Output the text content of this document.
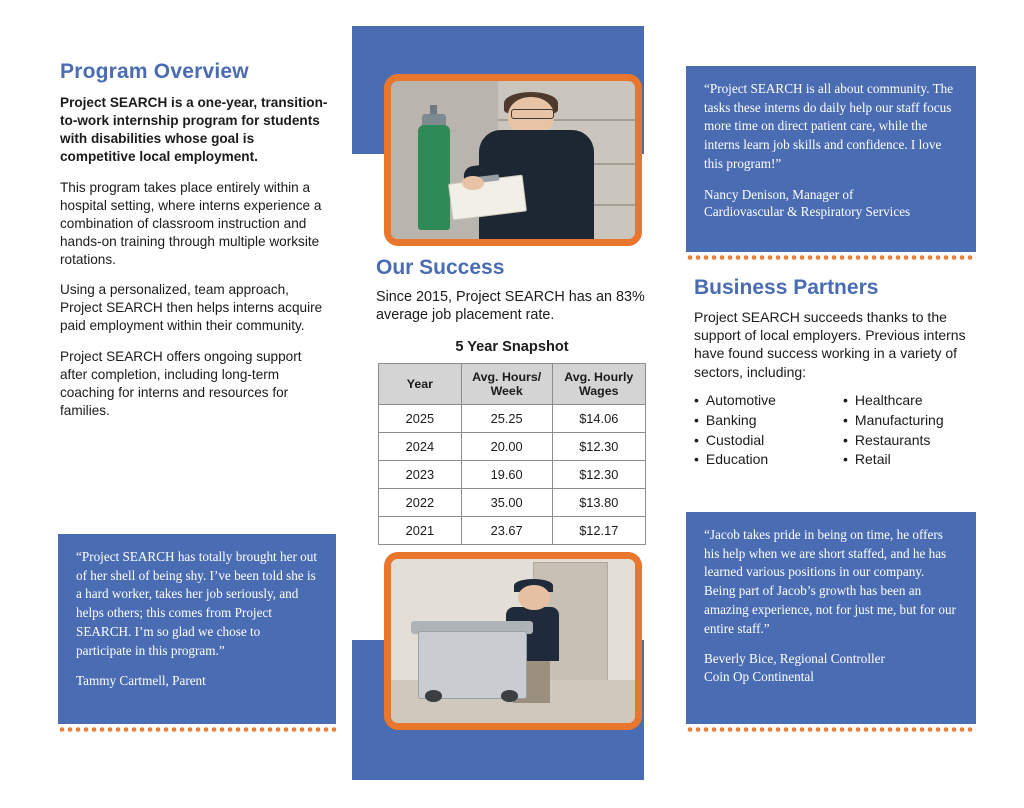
Program Overview

Project SEARCH is a one-year, transition-to-work internship program for students with disabilities whose goal is competitive local employment.

This program takes place entirely within a hospital setting, where interns experience a combination of classroom instruction and hands-on training through multiple worksite rotations.

Using a personalized, team approach, Project SEARCH then helps interns acquire paid employment within their community.

Project SEARCH offers ongoing support after completion, including long-term coaching for interns and resources for families.

“Project SEARCH has totally brought her out of her shell of being shy. I’ve been told she is a hard worker, takes her job seriously, and helps others; this comes from Project SEARCH. I’m so glad we chose to participate in this program.”
Tammy Cartmell, Parent
Our Success

Since 2015, Project SEARCH has an 83% average job placement rate.

5 Year Snapshot
Year	Avg. Hours/ Week	Avg. Hourly Wages
2025	25.25	$14.06
2024	20.00	$12.30
2023	19.60	$12.30
2022	35.00	$13.80
2021	23.67	$12.17
“Project SEARCH is all about community. The tasks these interns do daily help our staff focus more time on direct patient care, while the interns learn job skills and confidence. I love this program!”
Nancy Denison, Manager of
Cardiovascular & Respiratory Services
Business Partners

Project SEARCH succeeds thanks to the support of local employers. Previous interns have found success working in a variety of sectors, including:

• Automotive
• Banking
• Custodial
• Education
• Healthcare
• Manufacturing
• Restaurants
• Retail
“Jacob takes pride in being on time, he offers his help when we are short staffed, and he has learned various positions in our company. Being part of Jacob’s growth has been an amazing experience, not for just me, but for our entire staff.”
Beverly Bice, Regional Controller
Coin Op Continental
